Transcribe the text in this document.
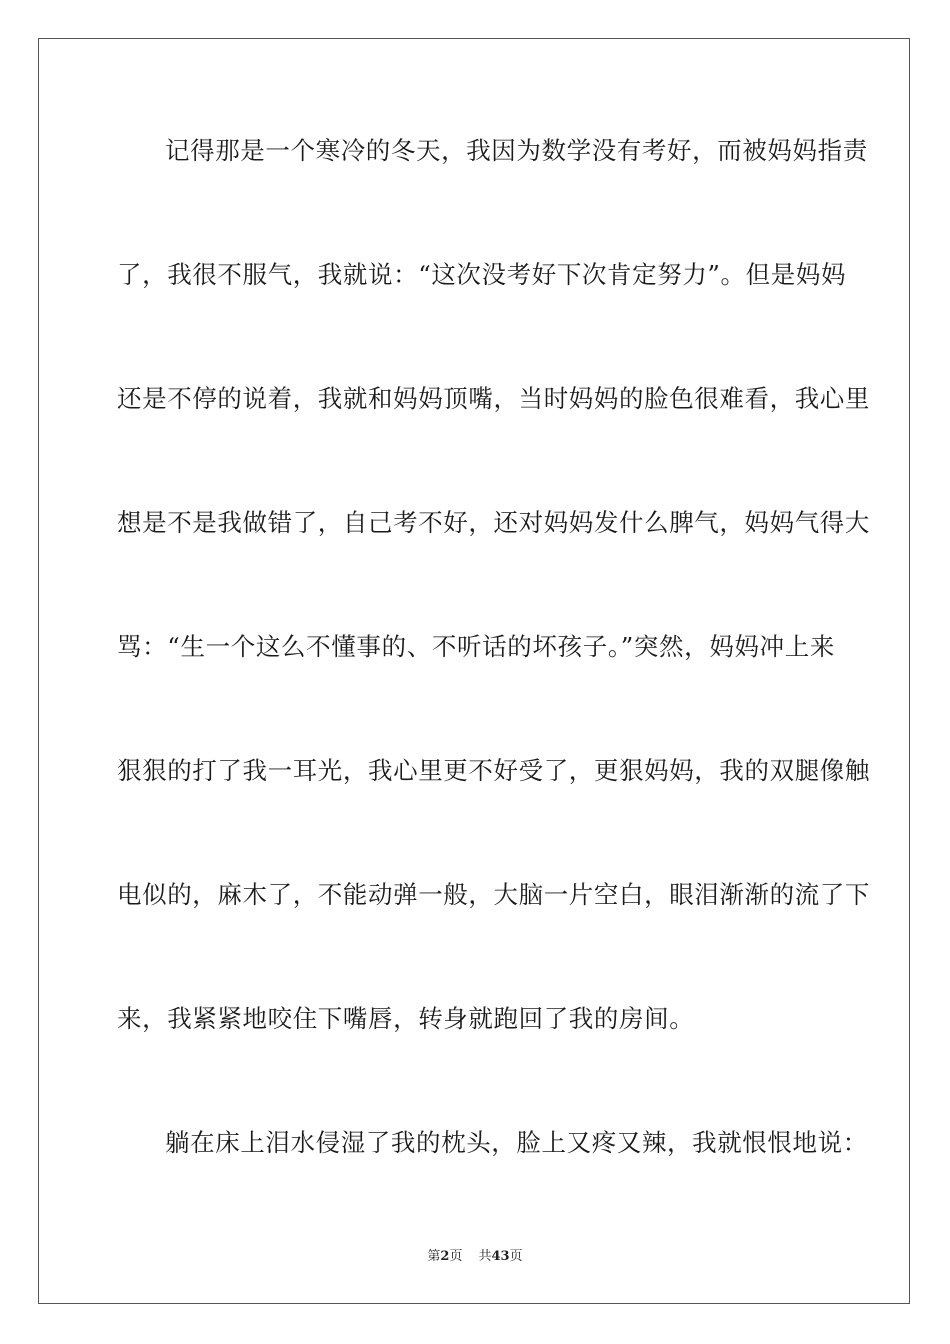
记得那是一个寒冷的冬天，我因为数学没有考好，而被妈妈指责
了，我很不服气，我就说：“这次没考好下次肯定努力”。但是妈妈
还是不停的说着，我就和妈妈顶嘴，当时妈妈的脸色很难看，我心里
想是不是我做错了，自己考不好，还对妈妈发什么脾气，妈妈气得大
骂：“生一个这么不懂事的、不听话的坏孩子。”突然，妈妈冲上来
狠狠的打了我一耳光，我心里更不好受了，更狠妈妈，我的双腿像触
电似的，麻木了，不能动弹一般，大脑一片空白，眼泪渐渐的流了下
来，我紧紧地咬住下嘴唇，转身就跑回了我的房间。
躺在床上泪水侵湿了我的枕头，脸上又疼又辣，我就恨恨地说：
第2页 共43页
